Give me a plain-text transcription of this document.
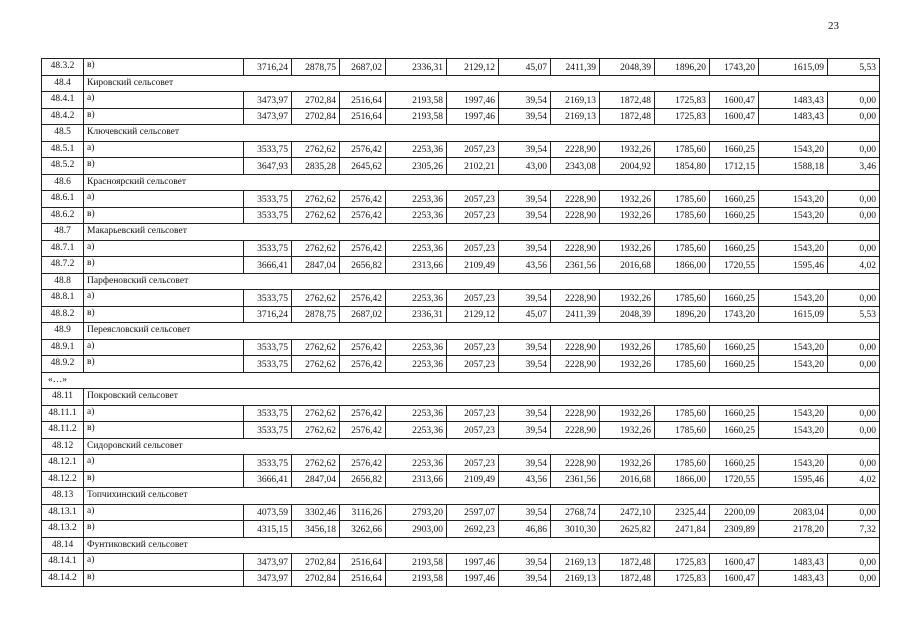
23
48.3.2	в)	3716,24	2878,75	2687,02	2336,31	2129,12	45,07	2411,39	2048,39	1896,20	1743,20	1615,09	5,53
48.4	Кировский сельсовет												
48.4.1	а)	3473,97	2702,84	2516,64	2193,58	1997,46	39,54	2169,13	1872,48	1725,83	1600,47	1483,43	0,00
48.4.2	в)	3473,97	2702,84	2516,64	2193,58	1997,46	39,54	2169,13	1872,48	1725,83	1600,47	1483,43	0,00
48.5	Ключевский сельсовет												
48.5.1	а)	3533,75	2762,62	2576,42	2253,36	2057,23	39,54	2228,90	1932,26	1785,60	1660,25	1543,20	0,00
48.5.2	в)	3647,93	2835,28	2645,62	2305,26	2102,21	43,00	2343,08	2004,92	1854,80	1712,15	1588,18	3,46
48.6	Красноярский сельсовет												
48.6.1	а)	3533,75	2762,62	2576,42	2253,36	2057,23	39,54	2228,90	1932,26	1785,60	1660,25	1543,20	0,00
48.6.2	в)	3533,75	2762,62	2576,42	2253,36	2057,23	39,54	2228,90	1932,26	1785,60	1660,25	1543,20	0,00
48.7	Макарьевский сельсовет												
48.7.1	а)	3533,75	2762,62	2576,42	2253,36	2057,23	39,54	2228,90	1932,26	1785,60	1660,25	1543,20	0,00
48.7.2	в)	3666,41	2847,04	2656,82	2313,66	2109,49	43,56	2361,56	2016,68	1866,00	1720,55	1595,46	4,02
48.8	Парфеновский сельсовет												
48.8.1	а)	3533,75	2762,62	2576,42	2253,36	2057,23	39,54	2228,90	1932,26	1785,60	1660,25	1543,20	0,00
48.8.2	в)	3716,24	2878,75	2687,02	2336,31	2129,12	45,07	2411,39	2048,39	1896,20	1743,20	1615,09	5,53
48.9	Переясловский сельсовет												
48.9.1	а)	3533,75	2762,62	2576,42	2253,36	2057,23	39,54	2228,90	1932,26	1785,60	1660,25	1543,20	0,00
48.9.2	в)	3533,75	2762,62	2576,42	2253,36	2057,23	39,54	2228,90	1932,26	1785,60	1660,25	1543,20	0,00
«…»													
48.11	Покровский сельсовет												
48.11.1	а)	3533,75	2762,62	2576,42	2253,36	2057,23	39,54	2228,90	1932,26	1785,60	1660,25	1543,20	0,00
48.11.2	в)	3533,75	2762,62	2576,42	2253,36	2057,23	39,54	2228,90	1932,26	1785,60	1660,25	1543,20	0,00
48.12	Сидоровский сельсовет												
48.12.1	а)	3533,75	2762,62	2576,42	2253,36	2057,23	39,54	2228,90	1932,26	1785,60	1660,25	1543,20	0,00
48.12.2	в)	3666,41	2847,04	2656,82	2313,66	2109,49	43,56	2361,56	2016,68	1866,00	1720,55	1595,46	4,02
48.13	Топчихинский сельсовет												
48.13.1	а)	4073,59	3302,46	3116,26	2793,20	2597,07	39,54	2768,74	2472,10	2325,44	2200,09	2083,04	0,00
48.13.2	в)	4315,15	3456,18	3262,66	2903,00	2692,23	46,86	3010,30	2625,82	2471,84	2309,89	2178,20	7,32
48.14	Фунтиковский сельсовет												
48.14.1	а)	3473,97	2702,84	2516,64	2193,58	1997,46	39,54	2169,13	1872,48	1725,83	1600,47	1483,43	0,00
48.14.2	в)	3473,97	2702,84	2516,64	2193,58	1997,46	39,54	2169,13	1872,48	1725,83	1600,47	1483,43	0,00
